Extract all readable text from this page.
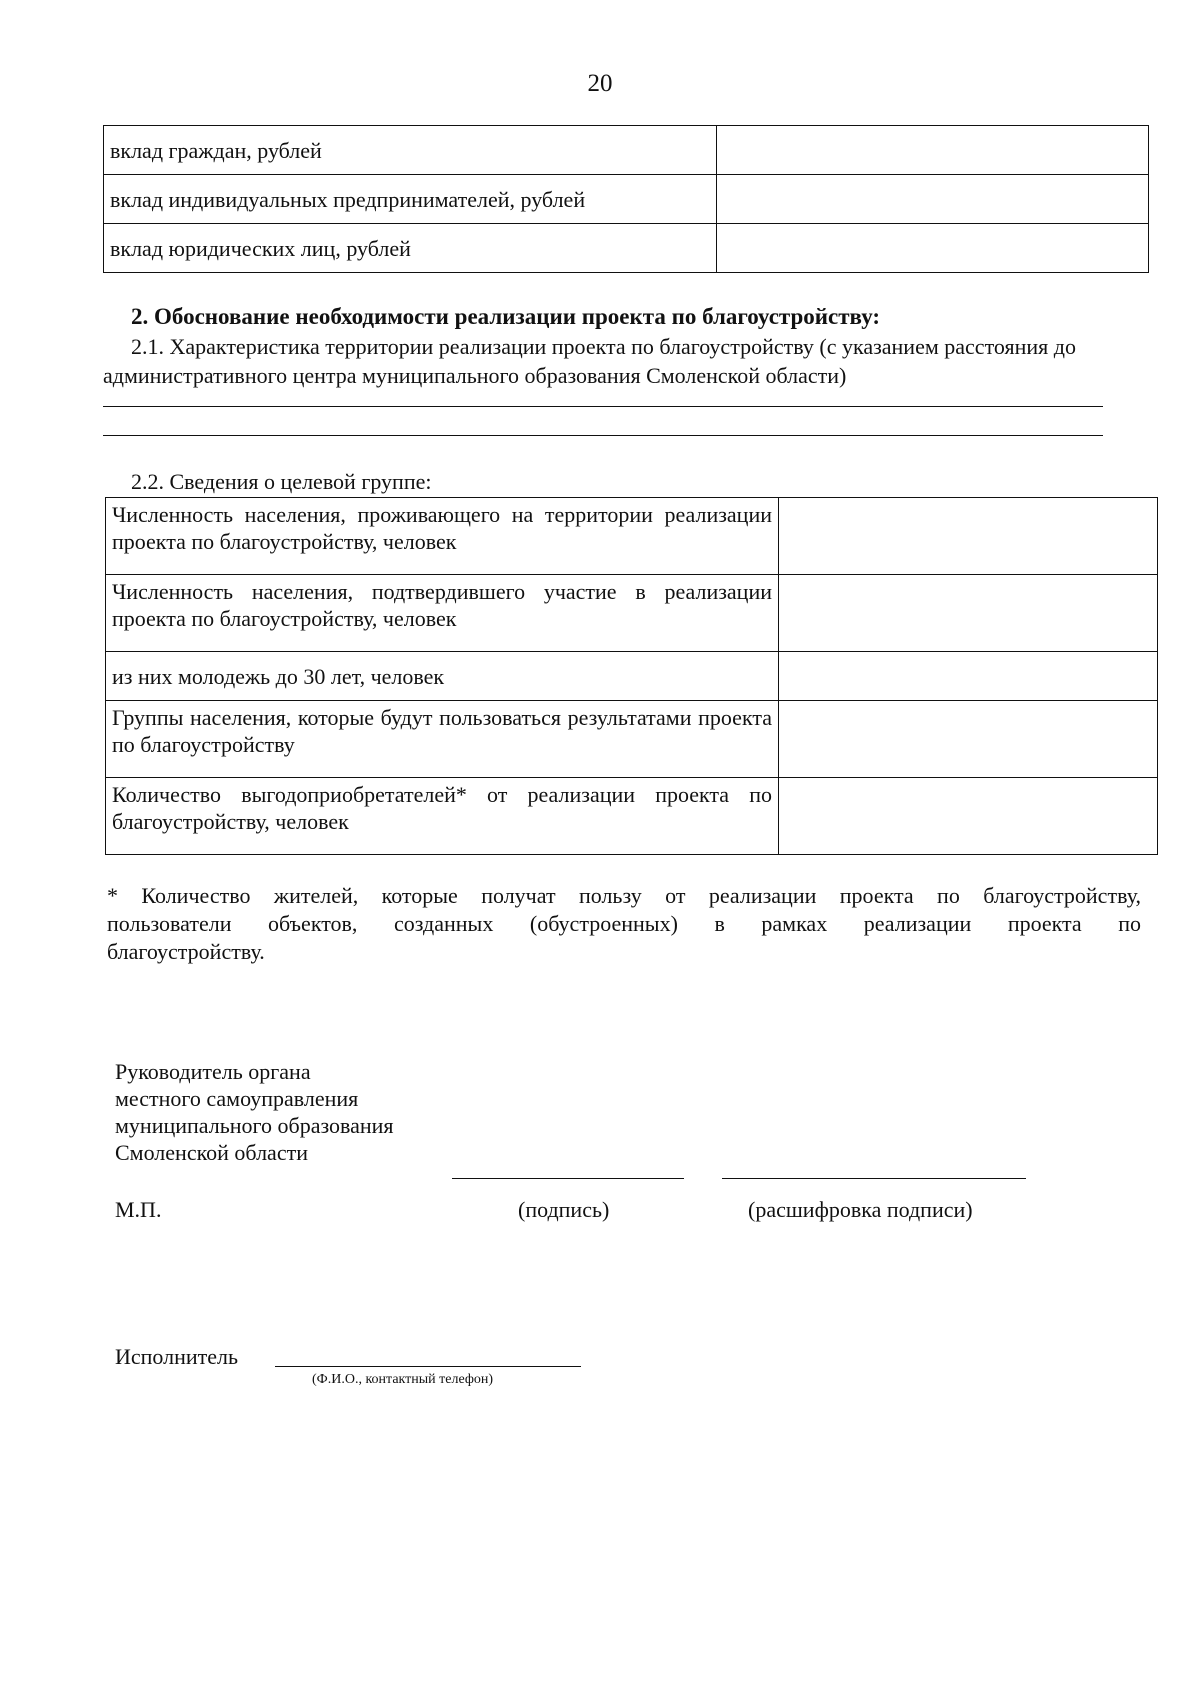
20
вклад граждан, рублей	
вклад индивидуальных предпринимателей, рублей	
вклад юридических лиц, рублей	
2. Обоснование необходимости реализации проекта по благоустройству:
2.1. Характеристика территории реализации проекта по благоустройству (с указанием расстояния до административного центра муниципального образования Смоленской области)
2.2. Сведения о целевой группе:
Численность населения, проживающего на территории реализации проекта по благоустройству, человек	
Численность населения, подтвердившего участие в реализации проекта по благоустройству, человек	
из них молодежь до 30 лет, человек	
Группы населения, которые будут пользоваться результатами проекта по благоустройству	
Количество выгодоприобретателей* от реализации проекта по благоустройству, человек	
* Количество жителей, которые получат пользу от реализации проекта по благоустройству,
пользователи объектов, созданных (обустроенных) в рамках реализации проекта по
благоустройству.
Руководитель органа
местного самоуправления
муниципального образования
Смоленской области
М.П.	(подпись)	(расшифровка подписи)
Исполнитель
(Ф.И.О., контактный телефон)
